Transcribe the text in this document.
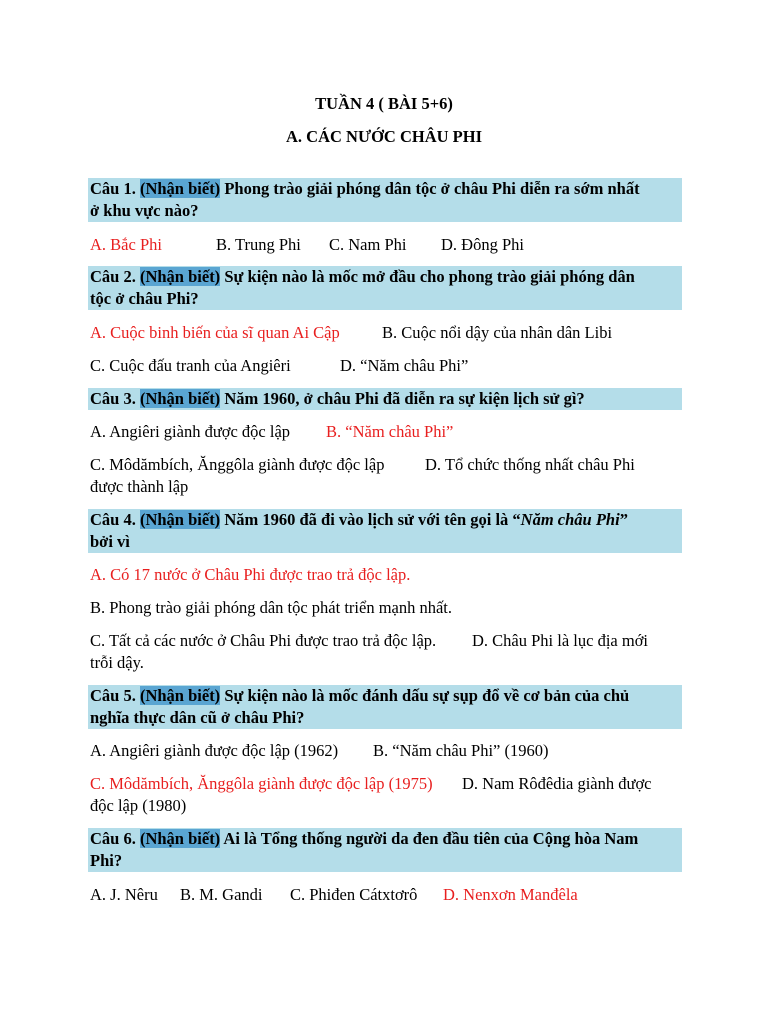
TUẦN 4 ( BÀI 5+6)
A. CÁC NƯỚC CHÂU PHI
Câu 1. (Nhận biết) Phong trào giải phóng dân tộc ở châu Phi diễn ra sớm nhất
ở khu vực nào?
A. Bắc Phi	B. Trung Phi C. Nam Phi D. Đông Phi
Câu 2. (Nhận biết) Sự kiện nào là mốc mở đầu cho phong trào giải phóng dân
tộc ở châu Phi?
A. Cuộc binh biến của sĩ quan Ai Cập	B. Cuộc nổi dậy của nhân dân Libi
C. Cuộc đấu tranh của Angiêri	D. “Năm châu Phi”
Câu 3. (Nhận biết) Năm 1960, ở châu Phi đã diễn ra sự kiện lịch sử gì?
A. Angiêri giành được độc lập B. “Năm châu Phi”
C. Môdămbích, Ănggôla giành được độc lập D. Tổ chức thống nhất châu Phi
được thành lập
Câu 4. (Nhận biết) Năm 1960 đã đi vào lịch sử với tên gọi là “Năm châu Phi”
bởi vì
A. Có 17 nước ở Châu Phi được trao trả độc lập.
B. Phong trào giải phóng dân tộc phát triển mạnh nhất.
C. Tất cả các nước ở Châu Phi được trao trả độc lập. D. Châu Phi là lục địa mới
trỗi dậy.
Câu 5. (Nhận biết) Sự kiện nào là mốc đánh dấu sự sụp đổ về cơ bản của chủ
nghĩa thực dân cũ ở châu Phi?
A. Angiêri giành được độc lập (1962) B. “Năm châu Phi” (1960)
C. Môdămbích, Ănggôla giành được độc lập (1975) D. Nam Rôđêdia giành được
độc lập (1980)
Câu 6. (Nhận biết) Ai là Tổng thống người da đen đầu tiên của Cộng hòa Nam
Phi?
A. J. Nêru B. M. Gandi C. Phiđen Cátxtơrô D. Nenxơn Manđêla
